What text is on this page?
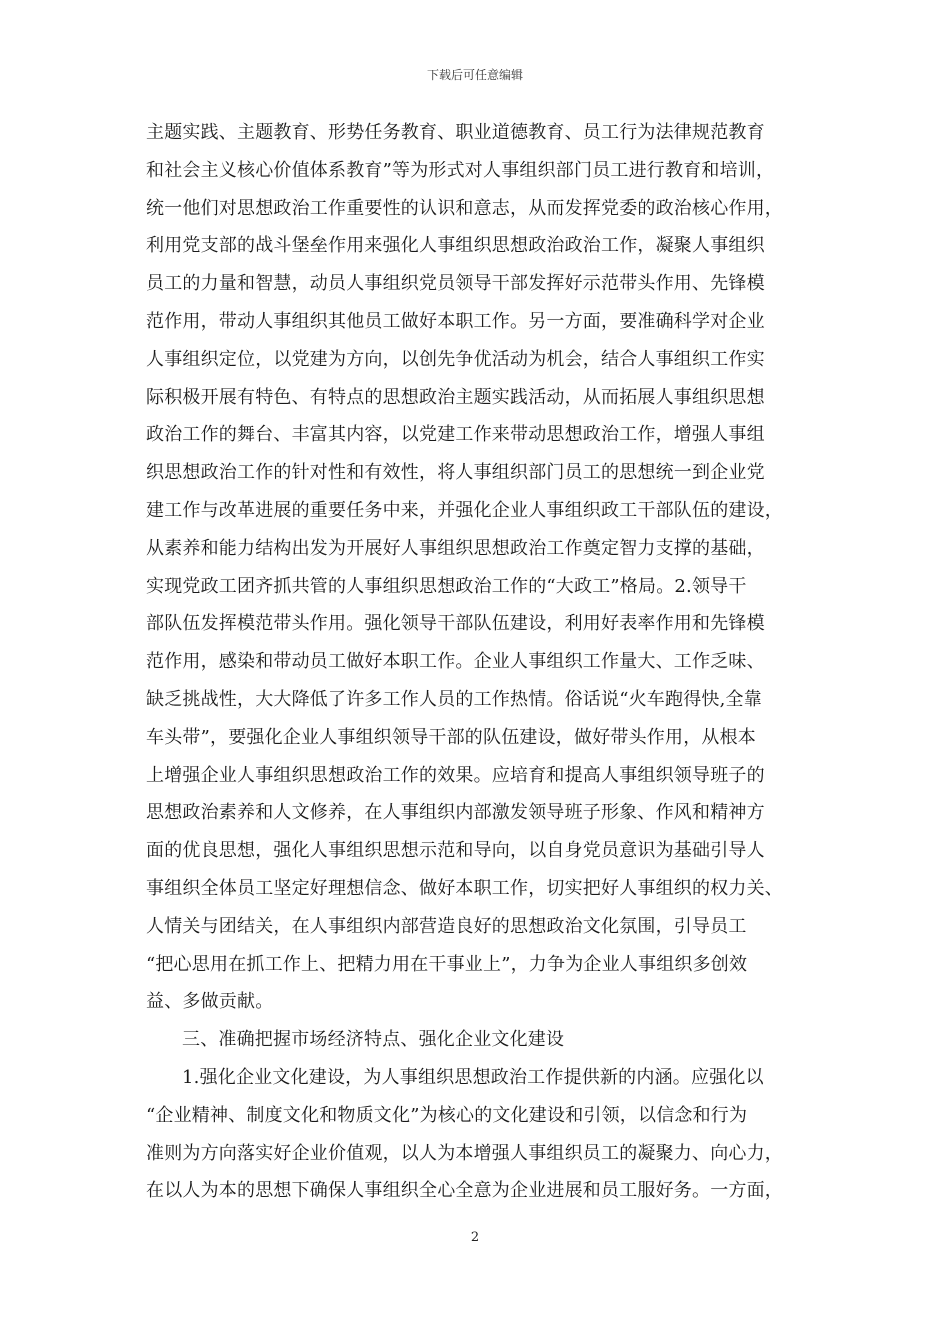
下载后可任意编辑
主题实践、主题教育、形势任务教育、职业道德教育、员工行为法律规范教育
和社会主义核心价值体系教育”等为形式对人事组织部门员工进行教育和培训，
统一他们对思想政治工作重要性的认识和意志，从而发挥党委的政治核心作用，
利用党支部的战斗堡垒作用来强化人事组织思想政治政治工作，凝聚人事组织
员工的力量和智慧，动员人事组织党员领导干部发挥好示范带头作用、先锋模
范作用，带动人事组织其他员工做好本职工作。另一方面，要准确科学对企业
人事组织定位，以党建为方向，以创先争优活动为机会，结合人事组织工作实
际积极开展有特色、有特点的思想政治主题实践活动，从而拓展人事组织思想
政治工作的舞台、丰富其内容，以党建工作来带动思想政治工作，增强人事组
织思想政治工作的针对性和有效性，将人事组织部门员工的思想统一到企业党
建工作与改革进展的重要任务中来，并强化企业人事组织政工干部队伍的建设，
从素养和能力结构出发为开展好人事组织思想政治工作奠定智力支撑的基础，
实现党政工团齐抓共管的人事组织思想政治工作的“大政工”格局。2.领导干
部队伍发挥模范带头作用。强化领导干部队伍建设，利用好表率作用和先锋模
范作用，感染和带动员工做好本职工作。企业人事组织工作量大、工作乏味、
缺乏挑战性，大大降低了许多工作人员的工作热情。俗话说“火车跑得快,全靠
车头带”，要强化企业人事组织领导干部的队伍建设，做好带头作用，从根本
上增强企业人事组织思想政治工作的效果。应培育和提高人事组织领导班子的
思想政治素养和人文修养，在人事组织内部激发领导班子形象、作风和精神方
面的优良思想，强化人事组织思想示范和导向，以自身党员意识为基础引导人
事组织全体员工坚定好理想信念、做好本职工作，切实把好人事组织的权力关、
人情关与团结关，在人事组织内部营造良好的思想政治文化氛围，引导员工
“把心思用在抓工作上、把精力用在干事业上”，力争为企业人事组织多创效
益、多做贡献。
三、准确把握市场经济特点、强化企业文化建设
1.强化企业文化建设，为人事组织思想政治工作提供新的内涵。应强化以
“企业精神、制度文化和物质文化”为核心的文化建设和引领，以信念和行为
准则为方向落实好企业价值观，以人为本增强人事组织员工的凝聚力、向心力，
在以人为本的思想下确保人事组织全心全意为企业进展和员工服好务。一方面，
2
